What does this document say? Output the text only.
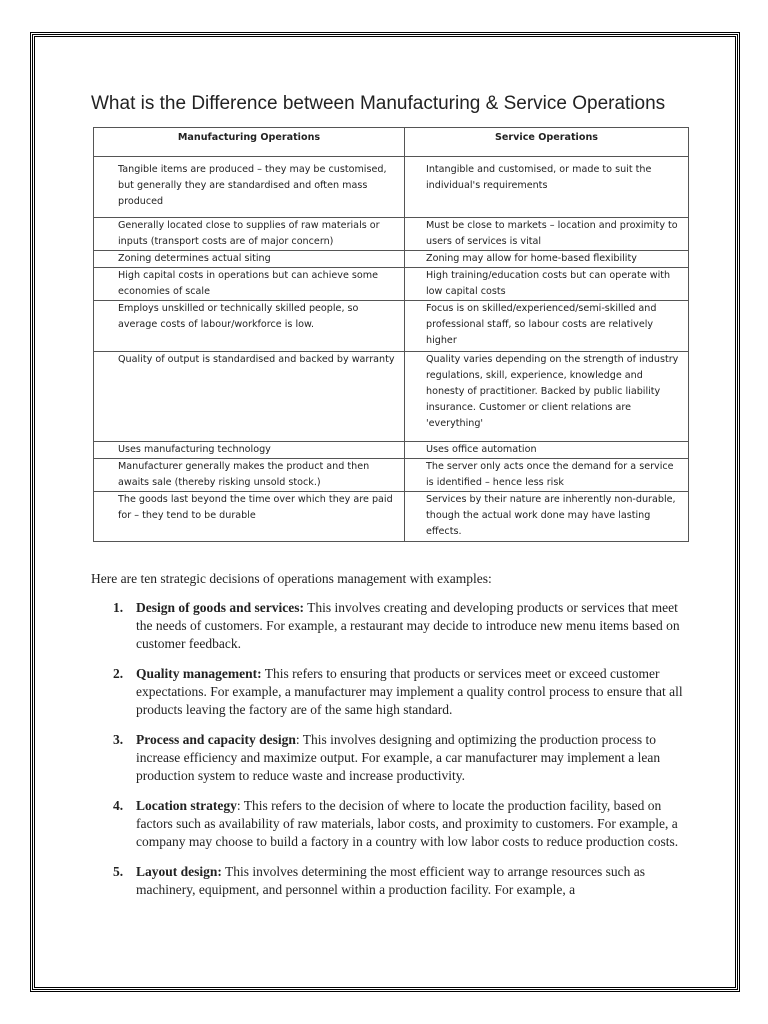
What is the Difference between Manufacturing & Service Operations
Manufacturing Operations	Service Operations
Tangible items are produced – they may be customised, but generally they are standardised and often mass produced	Intangible and customised, or made to suit the individual's requirements
Generally located close to supplies of raw materials or inputs (transport costs are of major concern)	Must be close to markets – location and proximity to users of services is vital
Zoning determines actual siting	Zoning may allow for home-based flexibility
High capital costs in operations but can achieve some economies of scale	High training/education costs but can operate with low capital costs
Employs unskilled or technically skilled people, so average costs of labour/workforce is low.	Focus is on skilled/experienced/semi-skilled and professional staff, so labour costs are relatively higher
Quality of output is standardised and backed by warranty	Quality varies depending on the strength of industry regulations, skill, experience, knowledge and honesty of practitioner. Backed by public liability insurance. Customer or client relations are 'everything'
Uses manufacturing technology	Uses office automation
Manufacturer generally makes the product and then awaits sale (thereby risking unsold stock.)	The server only acts once the demand for a service is identified – hence less risk
The goods last beyond the time over which they are paid for – they tend to be durable	Services by their nature are inherently non-durable, though the actual work done may have lasting effects.
Here are ten strategic decisions of operations management with examples:
1. Design of goods and services: This involves creating and developing products or services that meet the needs of customers. For example, a restaurant may decide to introduce new menu items based on customer feedback.
2. Quality management: This refers to ensuring that products or services meet or exceed customer expectations. For example, a manufacturer may implement a quality control process to ensure that all products leaving the factory are of the same high standard.
3. Process and capacity design: This involves designing and optimizing the production process to increase efficiency and maximize output. For example, a car manufacturer may implement a lean production system to reduce waste and increase productivity.
4. Location strategy: This refers to the decision of where to locate the production facility, based on factors such as availability of raw materials, labor costs, and proximity to customers. For example, a company may choose to build a factory in a country with low labor costs to reduce production costs.
5. Layout design: This involves determining the most efficient way to arrange resources such as machinery, equipment, and personnel within a production facility. For example, a
